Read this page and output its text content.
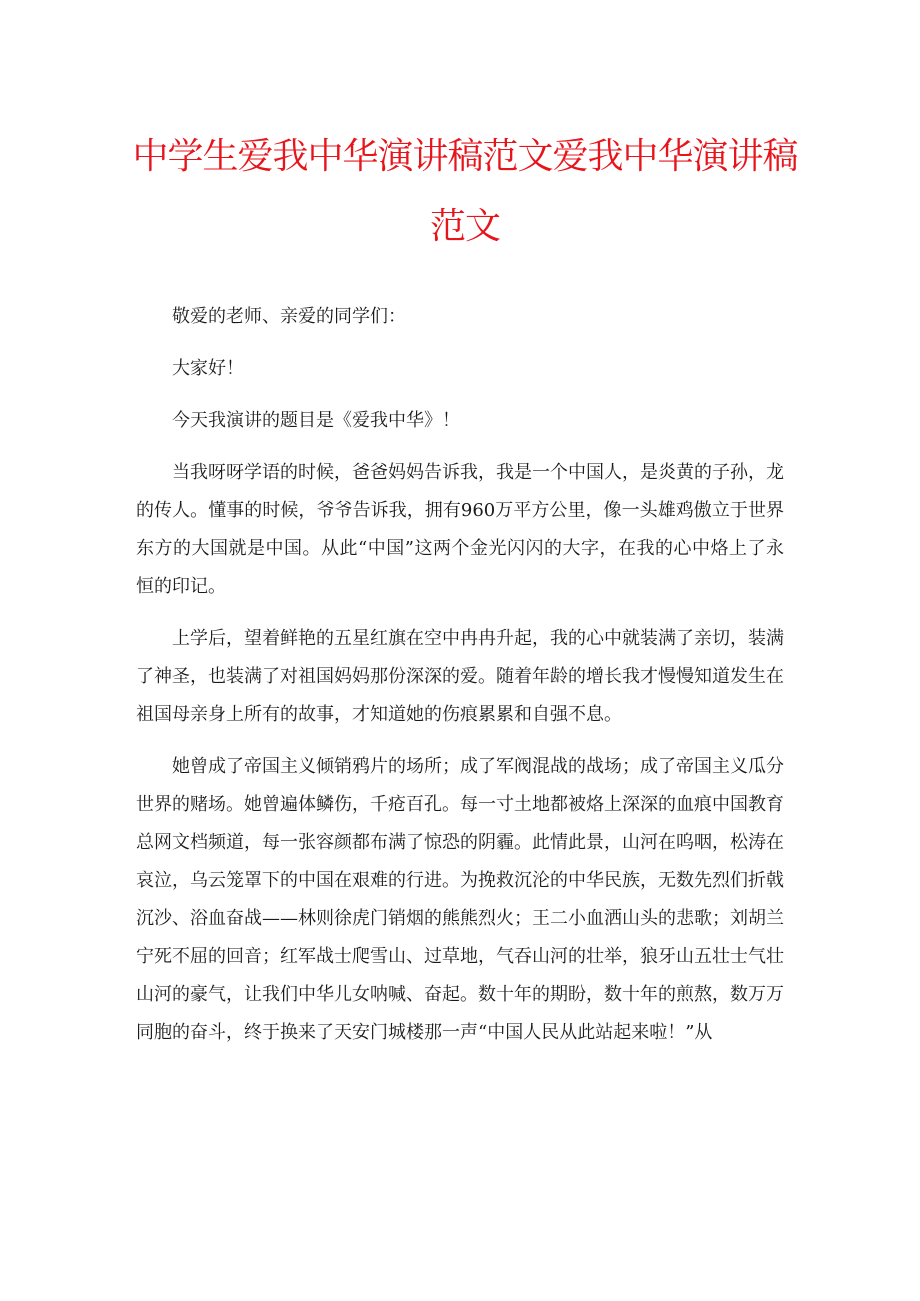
中学生爱我中华演讲稿范文爱我中华演讲稿范文

敬爱的老师、亲爱的同学们：

大家好！

今天我演讲的题目是《爱我中华》！

当我呀呀学语的时候，爸爸妈妈告诉我，我是一个中国人，是炎黄的子孙，龙的传人。懂事的时候，爷爷告诉我，拥有960万平方公里，像一头雄鸡傲立于世界东方的大国就是中国。从此“中国”这两个金光闪闪的大字，在我的心中烙上了永恒的印记。

上学后，望着鲜艳的五星红旗在空中冉冉升起，我的心中就装满了亲切，装满了神圣，也装满了对祖国妈妈那份深深的爱。随着年龄的增长我才慢慢知道发生在祖国母亲身上所有的故事，才知道她的伤痕累累和自强不息。

她曾成了帝国主义倾销鸦片的场所；成了军阀混战的战场；成了帝国主义瓜分世界的赌场。她曾遍体鳞伤，千疮百孔。每一寸土地都被烙上深深的血痕中国教育总网文档频道，每一张容颜都布满了惊恐的阴霾。此情此景，山河在呜咽，松涛在哀泣，乌云笼罩下的中国在艰难的行进。为挽救沉沦的中华民族，无数先烈们折戟沉沙、浴血奋战——林则徐虎门销烟的熊熊烈火；王二小血洒山头的悲歌；刘胡兰宁死不屈的回音；红军战士爬雪山、过草地，气吞山河的壮举，狼牙山五壮士气壮山河的豪气，让我们中华儿女呐喊、奋起。数十年的期盼，数十年的煎熬，数万万同胞的奋斗，终于换来了天安门城楼那一声“中国人民从此站起来啦！”从
